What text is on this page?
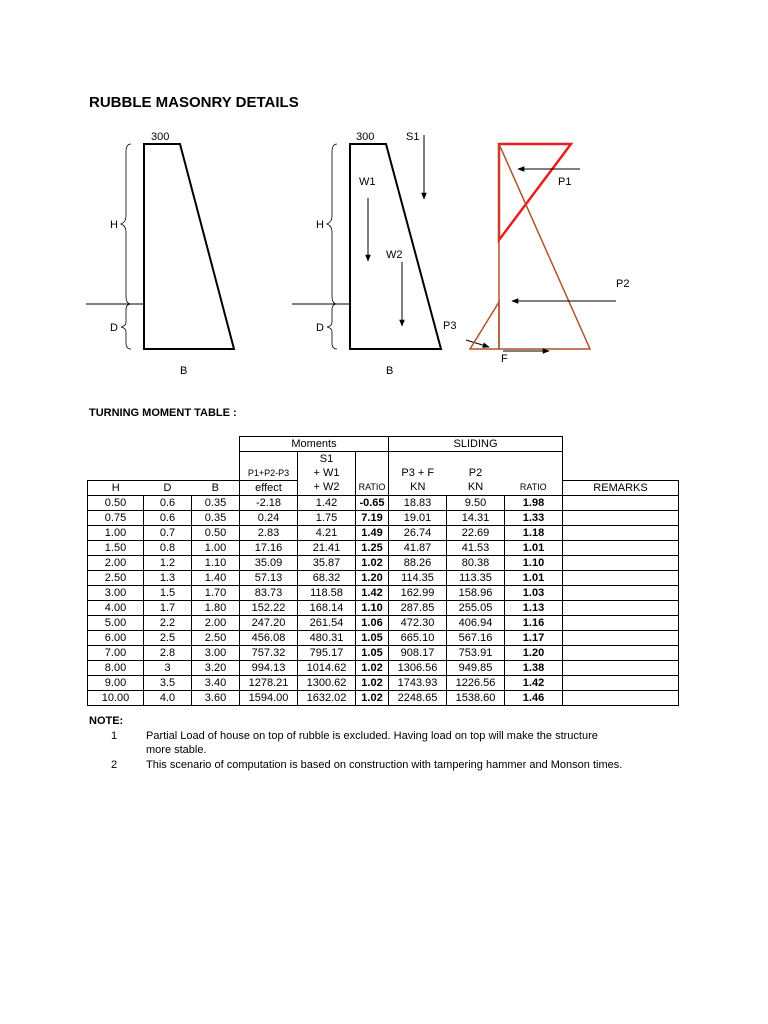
RUBBLE MASONRY DETAILS
300
H
D
B
300
H
D
B
S1
W1
W2
P3
P1
P2
F
TURNING MOMENT TABLE :
			Moments			SLIDING			
				S1					
			P1+P2-P3	+ W1		P3 + F	P2		
H	D	B	effect	+ W2	RATIO	KN	KN	RATIO	REMARKS
0.50	0.6	0.35	-2.18	1.42	-0.65	18.83	9.50	1.98	
0.75	0.6	0.35	0.24	1.75	7.19	19.01	14.31	1.33	
1.00	0.7	0.50	2.83	4.21	1.49	26.74	22.69	1.18	
1.50	0.8	1.00	17.16	21.41	1.25	41.87	41.53	1.01	
2.00	1.2	1.10	35.09	35.87	1.02	88.26	80.38	1.10	
2.50	1.3	1.40	57.13	68.32	1.20	114.35	113.35	1.01	
3.00	1.5	1.70	83.73	118.58	1.42	162.99	158.96	1.03	
4.00	1.7	1.80	152.22	168.14	1.10	287.85	255.05	1.13	
5.00	2.2	2.00	247.20	261.54	1.06	472.30	406.94	1.16	
6.00	2.5	2.50	456.08	480.31	1.05	665.10	567.16	1.17	
7.00	2.8	3.00	757.32	795.17	1.05	908.17	753.91	1.20	
8.00	3	3.20	994.13	1014.62	1.02	1306.56	949.85	1.38	
9.00	3.5	3.40	1278.21	1300.62	1.02	1743.93	1226.56	1.42	
10.00	4.0	3.60	1594.00	1632.02	1.02	2248.65	1538.60	1.46	
NOTE:
1	Partial Load of house on top of rubble is excluded. Having load on top will make the structure
more stable.
2	This scenario of computation is based on construction with tampering hammer and Monson times.
